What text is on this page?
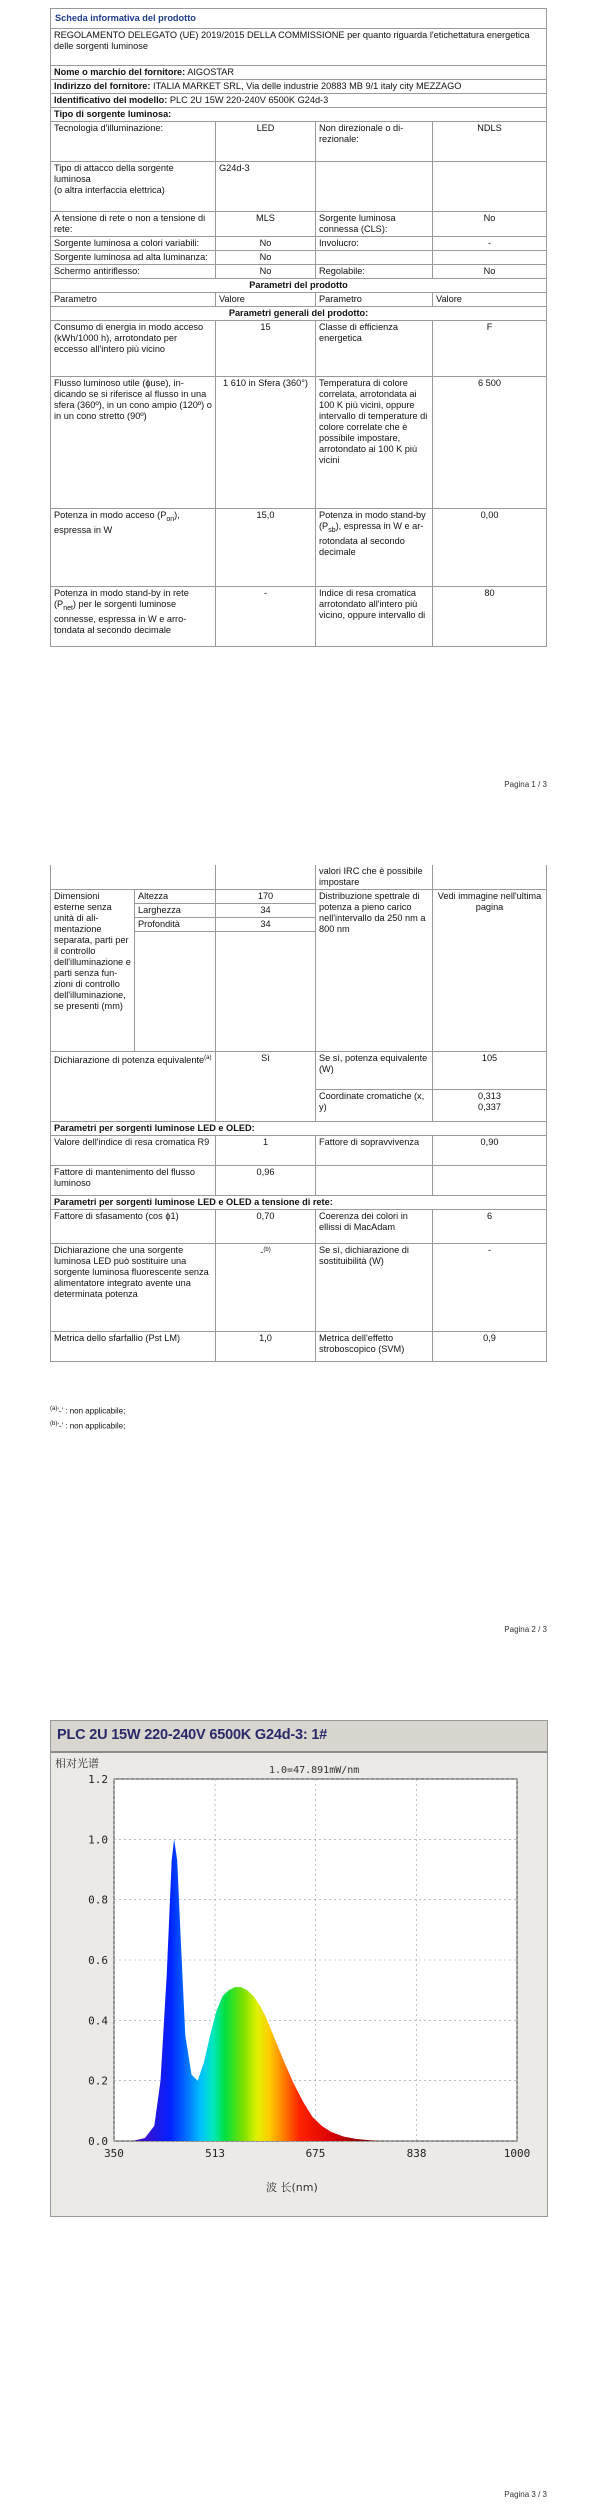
Scheda informativa del prodotto			
REGOLAMENTO DELEGATO (UE) 2019/2015 DELLA COMMISSIONE per quanto riguarda l'etichettatura energetica delle sorgenti luminose			
Nome o marchio del fornitore: AIGOSTAR			
Indirizzo del fornitore: ITALIA MARKET SRL, Via delle industrie 20883 MB 9/1 italy city MEZZAGO			
Identificativo del modello: PLC 2U 15W 220-240V 6500K G24d-3			
Tipo di sorgente luminosa:			
Tecnologia d'illuminazione:	LED	Non direzionale o direzionale:	NDLS
Tipo di attacco della sorgente luminosa
(o altra interfaccia elettrica)	G24d-3		
A tensione di rete o non a tensione di rete:	MLS	Sorgente luminosa connessa (CLS):	No
Sorgente luminosa a colori variabili:	No	Involucro:	-
Sorgente luminosa ad alta luminanza:	No		
Schermo antiriflesso:	No	Regolabile:	No
Parametri del prodotto			
Parametro	Valore	Parametro	Valore
Parametri generali del prodotto:			
Consumo di energia in modo acceso (kWh/1000 h), arrotondato per eccesso all'intero più vicino	15	Classe di efficienza energetica	F
Flusso luminoso utile (ϕuse), indicando se si riferisce al flusso in una sfera (360º), in un cono ampio (120º) o in un cono stretto (90º)	1 610 in Sfera (360°)	Temperatura di colore correlata, arrotondata ai 100 K più vicini, oppure intervallo di temperature di colore correlate che è possibile impostare, arrotondato ai 100 K più vicini	6 500
Potenza in modo acceso $(P_{on})$, espressa in W	15,0	Potenza in modo stand-by $(P_{sb})$, espressa in W e arrotondata al secondo decimale	0,00
Potenza in modo stand-by in rete $(P_{net})$ per le sorgenti luminose connesse, espressa in W e arrotondata al secondo decimale	-	Indice di resa cromatica arrotondato all'intero più vicino, oppure intervallo di	80
Pagina 1 / 3
			valori IRC che è possibile impostare	
Dimensioni esterne senza unità di alimentazione separata, parti per il controllo dell'illuminazione e parti senza funzioni di controllo dell'illuminazione, se presenti (mm)	Altezza	170	Distribuzione spettrale di potenza a pieno carico nell'intervallo da 250 nm a 800 nm	Vedi immagine nell'ultima pagina
	Larghezza	34		
	Profondità	34		

Dichiarazione di potenza equivalente$^{(a)}$		Sì	Se sì, potenza equivalente (W)	105
			Coordinate cromatiche (x, y)	0,313
0,337

Parametri per sorgenti luminose LED e OLED:				
Valore dell'indice di resa cromatica R9		1	Fattore di sopravvivenza	0,90
Fattore di mantenimento del flusso luminoso		0,96		
Parametri per sorgenti luminose LED e OLED a tensione di rete:				
Fattore di sfasamento (cos ϕ1)		0,70	Coerenza dei colori in ellissi di MacAdam	6
Dichiarazione che una sorgente luminosa LED può sostituire una sorgente luminosa fluorescente senza alimentatore integrato avente una determinata potenza		-$^{(b)}$	Se sì, dichiarazione di sostituibilità (W)	-
Metrica dello sfarfallio (Pst LM)		1,0	Metrica dell'effetto stroboscopico (SVM)	0,9
$^{(a)}$'-' : non applicabile;
$^{(b)}$'-' : non applicabile;
Pagina 2 / 3
PLC 2U 15W 220-240V 6500K G24d-3: 1#
0.0
0.2
0.4
0.6
0.8
1.0
1.2
350	513	675	838	1000
相对光谱
1.0=47.891mW/nm
波 长(nm)
Pagina 3 / 3
